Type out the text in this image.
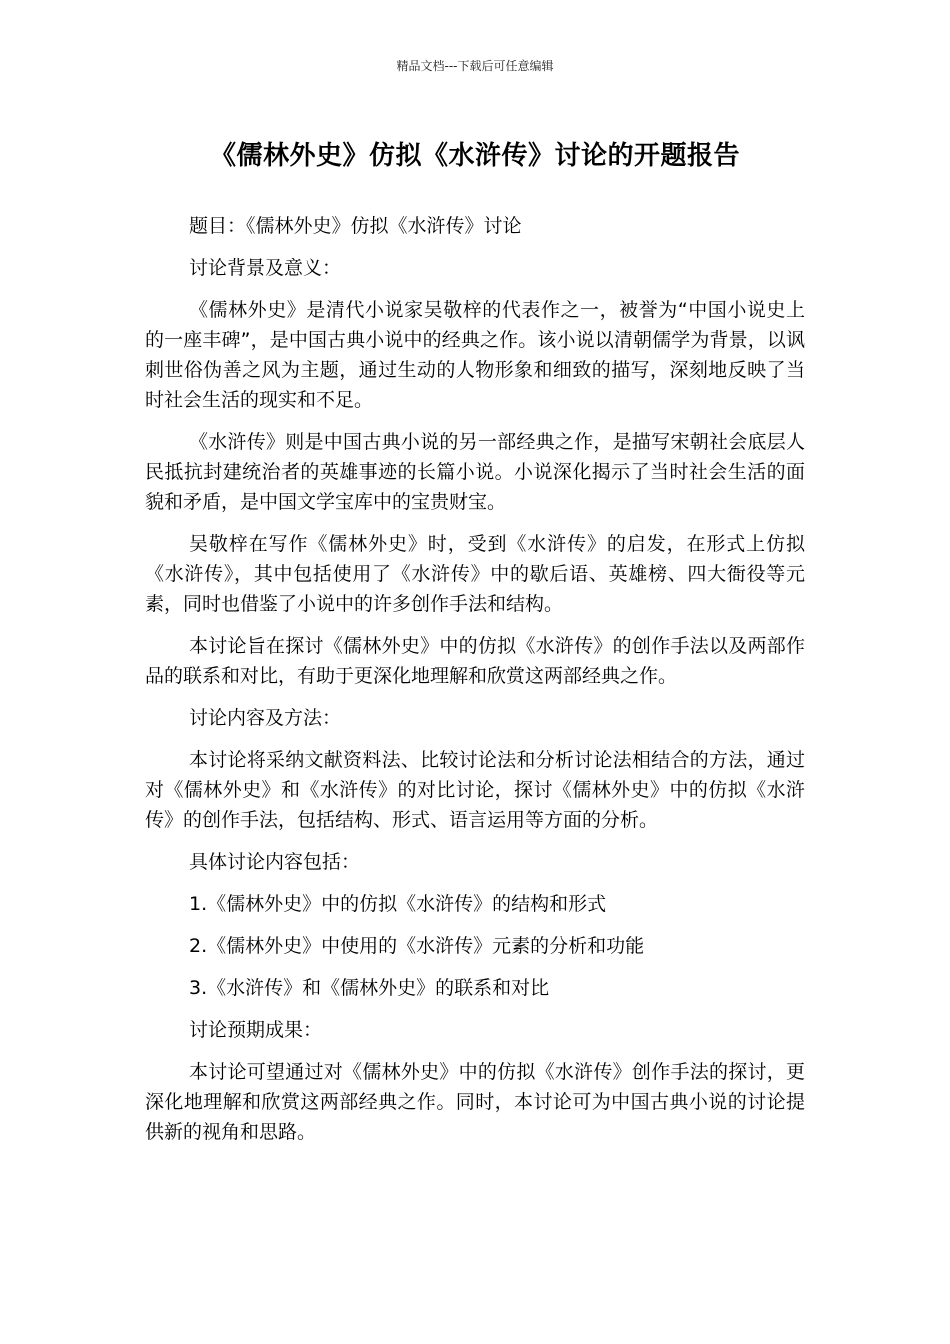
精品文档---下载后可任意编辑
《儒林外史》仿拟《水浒传》讨论的开题报告

题目：《儒林外史》仿拟《水浒传》讨论

讨论背景及意义：

《儒林外史》是清代小说家吴敬梓的代表作之一，被誉为“中国小说史上的一座丰碑”，是中国古典小说中的经典之作。该小说以清朝儒学为背景，以讽刺世俗伪善之风为主题，通过生动的人物形象和细致的描写，深刻地反映了当时社会生活的现实和不足。

《水浒传》则是中国古典小说的另一部经典之作，是描写宋朝社会底层人民抵抗封建统治者的英雄事迹的长篇小说。小说深化揭示了当时社会生活的面貌和矛盾，是中国文学宝库中的宝贵财宝。

吴敬梓在写作《儒林外史》时，受到《水浒传》的启发，在形式上仿拟《水浒传》，其中包括使用了《水浒传》中的歇后语、英雄榜、四大衙役等元素，同时也借鉴了小说中的许多创作手法和结构。

本讨论旨在探讨《儒林外史》中的仿拟《水浒传》的创作手法以及两部作品的联系和对比，有助于更深化地理解和欣赏这两部经典之作。

讨论内容及方法：

本讨论将采纳文献资料法、比较讨论法和分析讨论法相结合的方法，通过对《儒林外史》和《水浒传》的对比讨论，探讨《儒林外史》中的仿拟《水浒传》的创作手法，包括结构、形式、语言运用等方面的分析。

具体讨论内容包括：

1.《儒林外史》中的仿拟《水浒传》的结构和形式

2.《儒林外史》中使用的《水浒传》元素的分析和功能

3.《水浒传》和《儒林外史》的联系和对比

讨论预期成果：

本讨论可望通过对《儒林外史》中的仿拟《水浒传》创作手法的探讨，更深化地理解和欣赏这两部经典之作。同时，本讨论可为中国古典小说的讨论提供新的视角和思路。
